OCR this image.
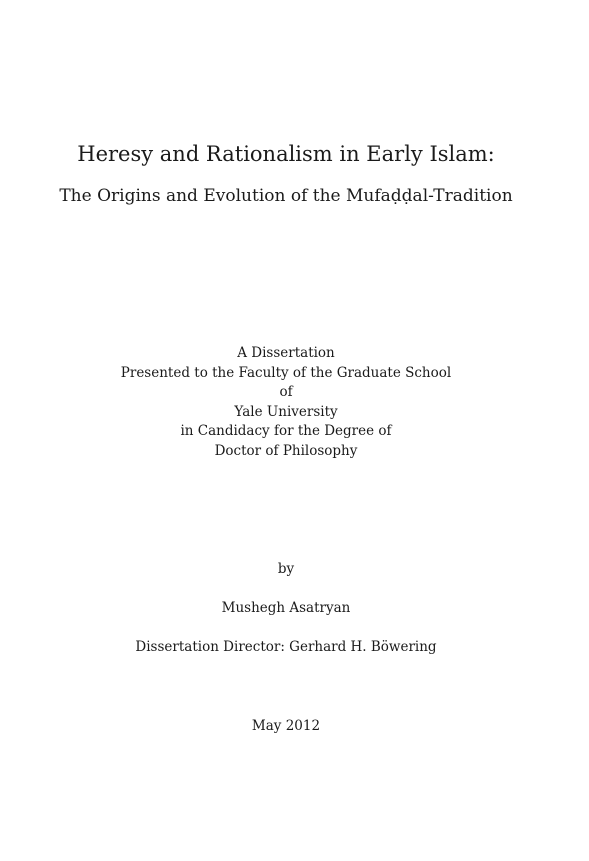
Heresy and Rationalism in Early Islam:
The Origins and Evolution of the Mufaḍḍal-Tradition
A Dissertation
Presented to the Faculty of the Graduate School
of
Yale University
in Candidacy for the Degree of
Doctor of Philosophy
by
Mushegh Asatryan
Dissertation Director: Gerhard H. Böwering
May 2012
